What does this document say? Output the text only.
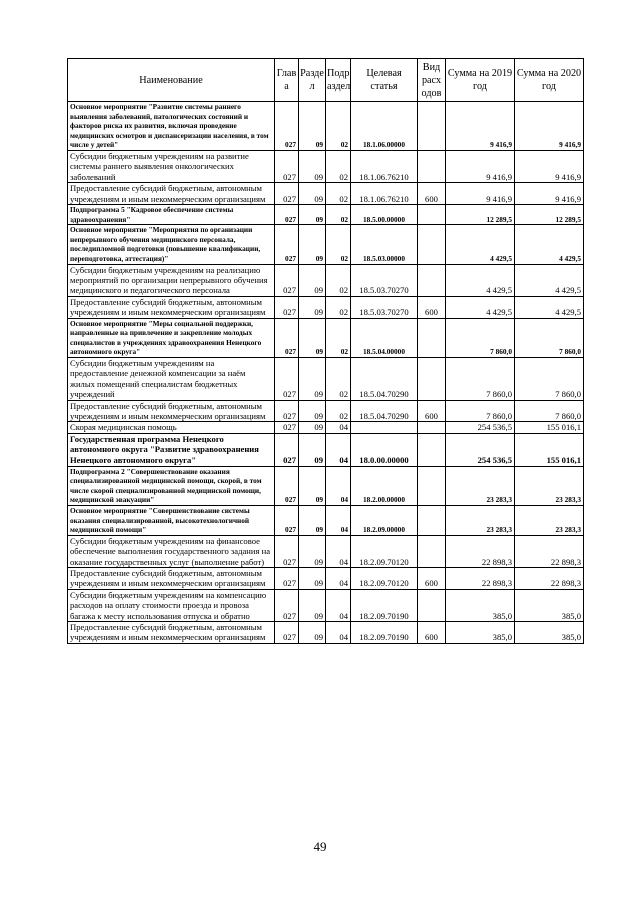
Наименование	Глав а	Разде л	Подр аздел	Целевая статья	Вид расх одов	Сумма на 2019 год	Сумма на 2020 год
Основное мероприятие "Развитие системы раннего выявления заболеваний, патологических состояний и факторов риска их развития, включая проведение медицинских осмотров и диспансеризации населения, в том числе у детей"	027	09	02	18.1.06.00000		9 416,9	9 416,9
Субсидии бюджетным учреждениям на развитие системы раннего выявления онкологических заболеваний	027	09	02	18.1.06.76210		9 416,9	9 416,9
Предоставление субсидий бюджетным, автономным учреждениям и иным некоммерческим организациям	027	09	02	18.1.06.76210	600	9 416,9	9 416,9
Подпрограмма 5 "Кадровое обеспечение системы здравоохранения"	027	09	02	18.5.00.00000		12 289,5	12 289,5
Основное мероприятие "Мероприятия по организации непрерывного обучения медицинского персонала, последипломной подготовки (повышение квалификации, переподготовка, аттестация)"	027	09	02	18.5.03.00000		4 429,5	4 429,5
Субсидии бюджетным учреждениям на реализацию мероприятий по организации непрерывного обучения медицинского и педагогического персонала	027	09	02	18.5.03.70270		4 429,5	4 429,5
Предоставление субсидий бюджетным, автономным учреждениям и иным некоммерческим организациям	027	09	02	18.5.03.70270	600	4 429,5	4 429,5
Основное мероприятие "Меры социальной поддержки, направленные на привлечение и закрепление молодых специалистов в учреждениях здравоохранения Ненецкого автономного округа"	027	09	02	18.5.04.00000		7 860,0	7 860,0
Субсидии бюджетным учреждениям на предоставление денежной компенсации за наём жилых помещений специалистам бюджетных учреждений	027	09	02	18.5.04.70290		7 860,0	7 860,0
Предоставление субсидий бюджетным, автономным учреждениям и иным некоммерческим организациям	027	09	02	18.5.04.70290	600	7 860,0	7 860,0
Скорая медицинская помощь	027	09	04			254 536,5	155 016,1
Государственная программа Ненецкого автономного округа "Развитие здравоохранения Ненецкого автономного округа"	027	09	04	18.0.00.00000		254 536,5	155 016,1
Подпрограмма 2 "Совершенствование оказания специализированной медицинской помощи, скорой, в том числе скорой специализированной медицинской помощи, медицинской эвакуации"	027	09	04	18.2.00.00000		23 283,3	23 283,3
Основное мероприятие "Совершенствование системы оказания специализированной, высокотехнологичной медицинской помощи"	027	09	04	18.2.09.00000		23 283,3	23 283,3
Субсидии бюджетным учреждениям на финансовое обеспечение выполнения государственного задания на оказание государственных услуг (выполнение работ)	027	09	04	18.2.09.70120		22 898,3	22 898,3
Предоставление субсидий бюджетным, автономным учреждениям и иным некоммерческим организациям	027	09	04	18.2.09.70120	600	22 898,3	22 898,3
Субсидии бюджетным учреждениям на компенсацию расходов на оплату стоимости проезда и провоза багажа к месту использования отпуска и обратно	027	09	04	18.2.09.70190		385,0	385,0
Предоставление субсидий бюджетным, автономным учреждениям и иным некоммерческим организациям	027	09	04	18.2.09.70190	600	385,0	385,0
49
